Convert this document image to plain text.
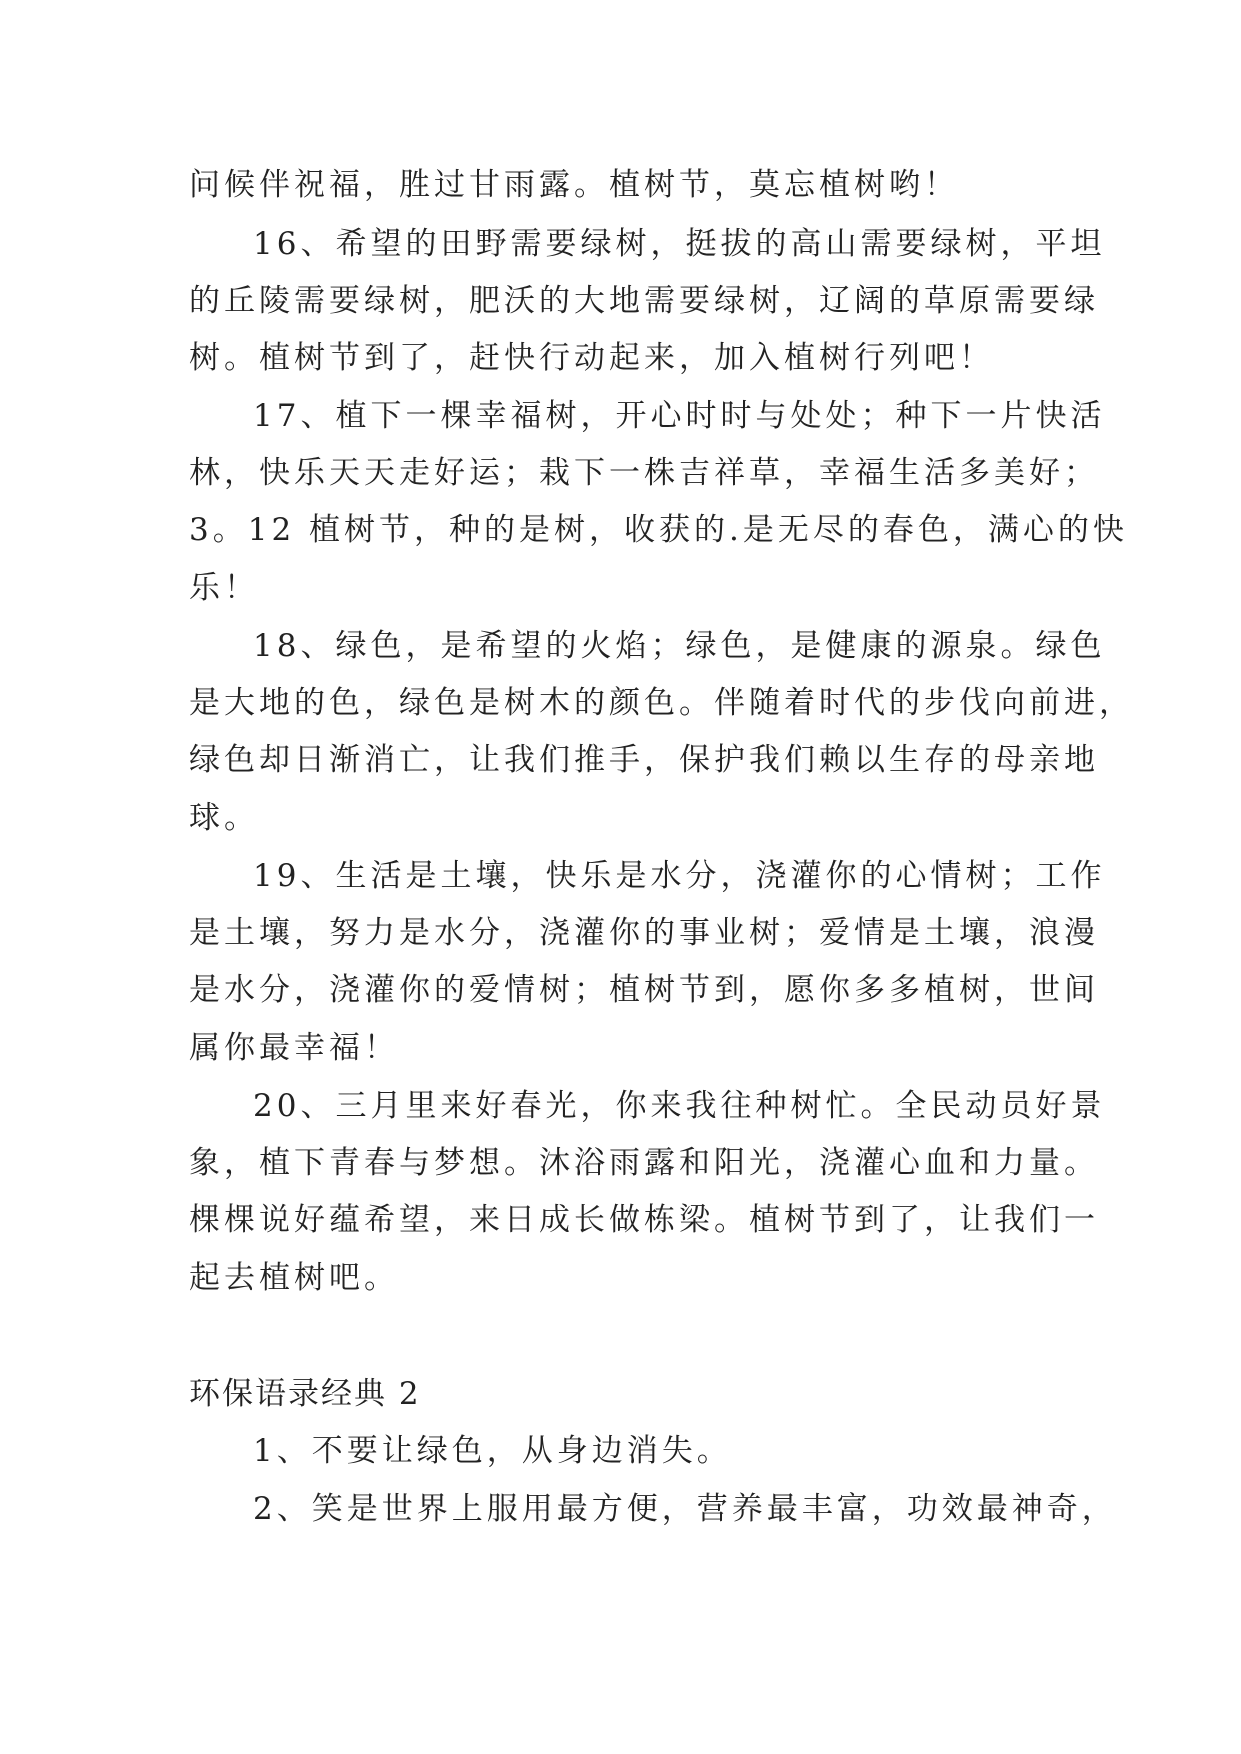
问候伴祝福，胜过甘雨露。植树节，莫忘植树哟！
16、希望的田野需要绿树，挺拔的高山需要绿树，平坦
的丘陵需要绿树，肥沃的大地需要绿树，辽阔的草原需要绿
树。植树节到了，赶快行动起来，加入植树行列吧！
17、植下一棵幸福树，开心时时与处处；种下一片快活
林，快乐天天走好运；栽下一株吉祥草，幸福生活多美好；
3。12 植树节，种的是树，收获的.是无尽的春色，满心的快
乐！
18、绿色，是希望的火焰；绿色，是健康的源泉。绿色
是大地的色，绿色是树木的颜色。伴随着时代的步伐向前进，
绿色却日渐消亡，让我们推手，保护我们赖以生存的母亲地
球。
19、生活是土壤，快乐是水分，浇灌你的心情树；工作
是土壤，努力是水分，浇灌你的事业树；爱情是土壤，浪漫
是水分，浇灌你的爱情树；植树节到，愿你多多植树，世间
属你最幸福！
20、三月里来好春光，你来我往种树忙。全民动员好景
象，植下青春与梦想。沐浴雨露和阳光，浇灌心血和力量。
棵棵说好蕴希望，来日成长做栋梁。植树节到了，让我们一
起去植树吧。
环保语录经典 2
1、不要让绿色，从身边消失。
2、笑是世界上服用最方便，营养最丰富，功效最神奇，
